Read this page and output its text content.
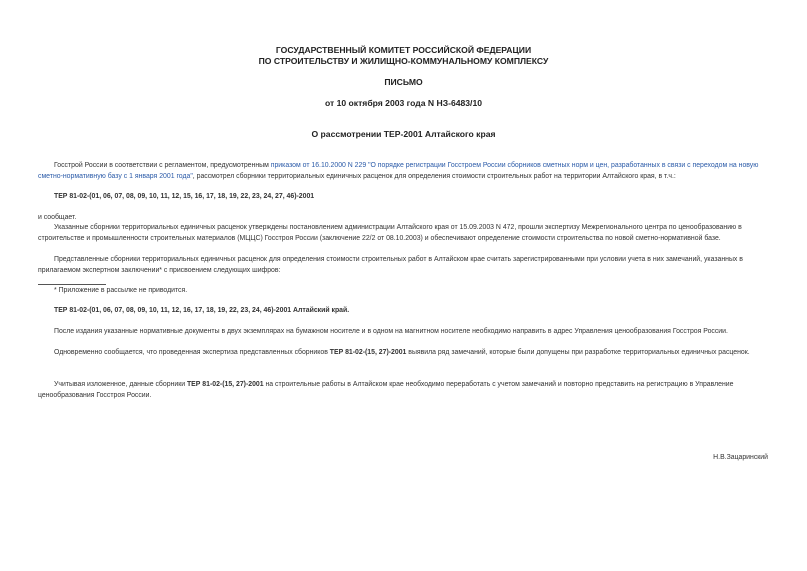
ГОСУДАРСТВЕННЫЙ КОМИТЕТ РОССИЙСКОЙ ФЕДЕРАЦИИ
ПО СТРОИТЕЛЬСТВУ И ЖИЛИЩНО-КОММУНАЛЬНОМУ КОМПЛЕКСУ
ПИСЬМО
от 10 октября 2003 года N НЗ-6483/10
О рассмотрении ТЕР-2001 Алтайского края

Госстрой России в соответствии с регламентом, предусмотренным приказом от 16.10.2000 N 229 "О порядке регистрации Госстроем России сборников сметных норм и цен, разработанных в связи с переходом на новую сметно-нормативную базу с 1 января 2001 года", рассмотрел сборники территориальных единичных расценок для определения стоимости строительных работ на территории Алтайского края, в т.ч.:

ТЕР 81-02-(01, 06, 07, 08, 09, 10, 11, 12, 15, 16, 17, 18, 19, 22, 23, 24, 27, 46)-2001

и сообщает.

Указанные сборники территориальных единичных расценок утверждены постановлением администрации Алтайского края от 15.09.2003 N 472, прошли экспертизу Межрегионального центра по ценообразованию в строительстве и промышленности строительных материалов (МЦЦС) Госстроя России (заключение 22/2 от 08.10.2003) и обеспечивают определение стоимости строительства по новой сметно-нормативной базе.

Представленные сборники территориальных единичных расценок для определения стоимости строительных работ в Алтайском крае считать зарегистрированными при условии учета в них замечаний, указанных в прилагаемом экспертном заключении* с присвоением следующих шифров:

* Приложение в рассылке не приводится.

ТЕР 81-02-(01, 06, 07, 08, 09, 10, 11, 12, 16, 17, 18, 19, 22, 23, 24, 46)-2001 Алтайский край.

После издания указанные нормативные документы в двух экземплярах на бумажном носителе и в одном на магнитном носителе необходимо направить в адрес Управления ценообразования Госстроя России.

Одновременно сообщается, что проведенная экспертиза представленных сборников ТЕР 81-02-(15, 27)-2001 выявила ряд замечаний, которые были допущены при разработке территориальных единичных расценок.

Учитывая изложенное, данные сборники ТЕР 81-02-(15, 27)-2001 на строительные работы в Алтайском крае необходимо переработать с учетом замечаний и повторно представить на регистрацию в Управление ценообразования Госстроя России.

Н.В.Зацаринский
